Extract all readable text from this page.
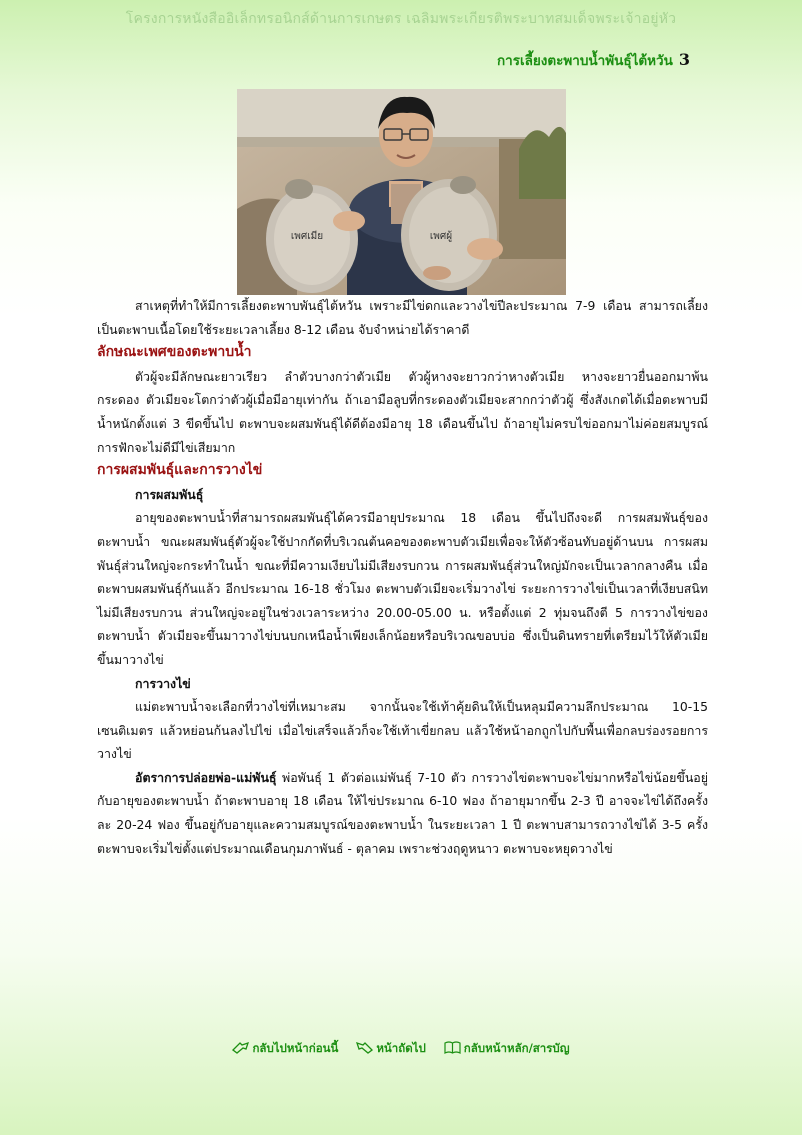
โครงการหนังสืออิเล็กทรอนิกส์ด้านการเกษตร เฉลิมพระเกียรติพระบาทสมเด็จพระเจ้าอยู่หัว
การเลี้ยงตะพาบน้ำพันธุ์ไต้หวัน 3
เพศเมีย	เพศผู้

สาเหตุที่ทำให้มีการเลี้ยงตะพาบพันธุ์ไต้หวัน เพราะมีไข่ดกและวางไข่ปีละประมาณ 7-9 เดือน สามารถเลี้ยงเป็นตะพาบเนื้อโดยใช้ระยะเวลาเลี้ยง 8-12 เดือน จับจำหน่ายได้ราคาดี

ลักษณะเพศของตะพาบน้ำ

ตัวผู้จะมีลักษณะยาวเรียว ลำตัวบางกว่าตัวเมีย ตัวผู้หางจะยาวกว่าหางตัวเมีย หางจะยาวยื่นออกมาพ้นกระดอง ตัวเมียจะโตกว่าตัวผู้เมื่อมีอายุเท่ากัน ถ้าเอามือลูบที่กระดองตัวเมียจะสากกว่าตัวผู้ ซึ่งสังเกตได้เมื่อตะพาบมีน้ำหนักตั้งแต่ 3 ขีดขึ้นไป ตะพาบจะผสมพันธุ์ได้ดีต้องมีอายุ 18 เดือนขึ้นไป ถ้าอายุไม่ครบไข่ออกมาไม่ค่อยสมบูรณ์การฟักจะไม่ดีมีไข่เสียมาก

การผสมพันธุ์และการวางไข่
การผสมพันธุ์

อายุของตะพาบน้ำที่สามารถผสมพันธุ์ได้ควรมีอายุประมาณ 18 เดือน ขึ้นไปถึงจะดี การผสมพันธุ์ของตะพาบน้ำ ขณะผสมพันธุ์ตัวผู้จะใช้ปากกัดที่บริเวณต้นคอของตะพาบตัวเมียเพื่อจะให้ตัวซ้อนทับอยู่ด้านบน การผสมพันธุ์ส่วนใหญ่จะกระทำในน้ำ ขณะที่มีความเงียบไม่มีเสียงรบกวน การผสมพันธุ์ส่วนใหญ่มักจะเป็นเวลากลางคืน เมื่อตะพาบผสมพันธุ์กันแล้ว อีกประมาณ 16-18 ชั่วโมง ตะพาบตัวเมียจะเริ่มวางไข่ ระยะการวางไข่เป็นเวลาที่เงียบสนิท ไม่มีเสียงรบกวน ส่วนใหญ่จะอยู่ในช่วงเวลาระหว่าง 20.00-05.00 น. หรือตั้งแต่ 2 ทุ่มจนถึงตี 5 การวางไข่ของตะพาบน้ำ ตัวเมียจะขึ้นมาวางไข่บนบกเหนือน้ำเพียงเล็กน้อยหรือบริเวณขอบบ่อ ซึ่งเป็นดินทรายที่เตรียมไว้ให้ตัวเมียขึ้นมาวางไข่

การวางไข่

แม่ตะพาบน้ำจะเลือกที่วางไข่ที่เหมาะสม จากนั้นจะใช้เท้าคุ้ยดินให้เป็นหลุมมีความลึกประมาณ 10-15 เซนติเมตร แล้วหย่อนก้นลงไปไข่ เมื่อไข่เสร็จแล้วก็จะใช้เท้าเขี่ยกลบ แล้วใช้หน้าอกถูกไปกับพื้นเพื่อกลบร่องรอยการวางไข่

อัตราการปล่อยพ่อ-แม่พันธุ์ พ่อพันธุ์ 1 ตัวต่อแม่พันธุ์ 7-10 ตัว การวางไข่ตะพาบจะไข่มากหรือไข่น้อยขึ้นอยู่กับอายุของตะพาบน้ำ ถ้าตะพาบอายุ 18 เดือน ให้ไข่ประมาณ 6-10 ฟอง ถ้าอายุมากขึ้น 2-3 ปี อาจจะไข่ได้ถึงครั้งละ 20-24 ฟอง ขึ้นอยู่กับอายุและความสมบูรณ์ของตะพาบน้ำ ในระยะเวลา 1 ปี ตะพาบสามารถวางไข่ได้ 3-5 ครั้ง ตะพาบจะเริ่มไข่ตั้งแต่ประมาณเดือนกุมภาพันธ์ - ตุลาคม เพราะช่วงฤดูหนาว ตะพาบจะหยุดวางไข่

กลับไปหน้าก่อนนี้	หน้าถัดไป	กลับหน้าหลัก/สารบัญ
